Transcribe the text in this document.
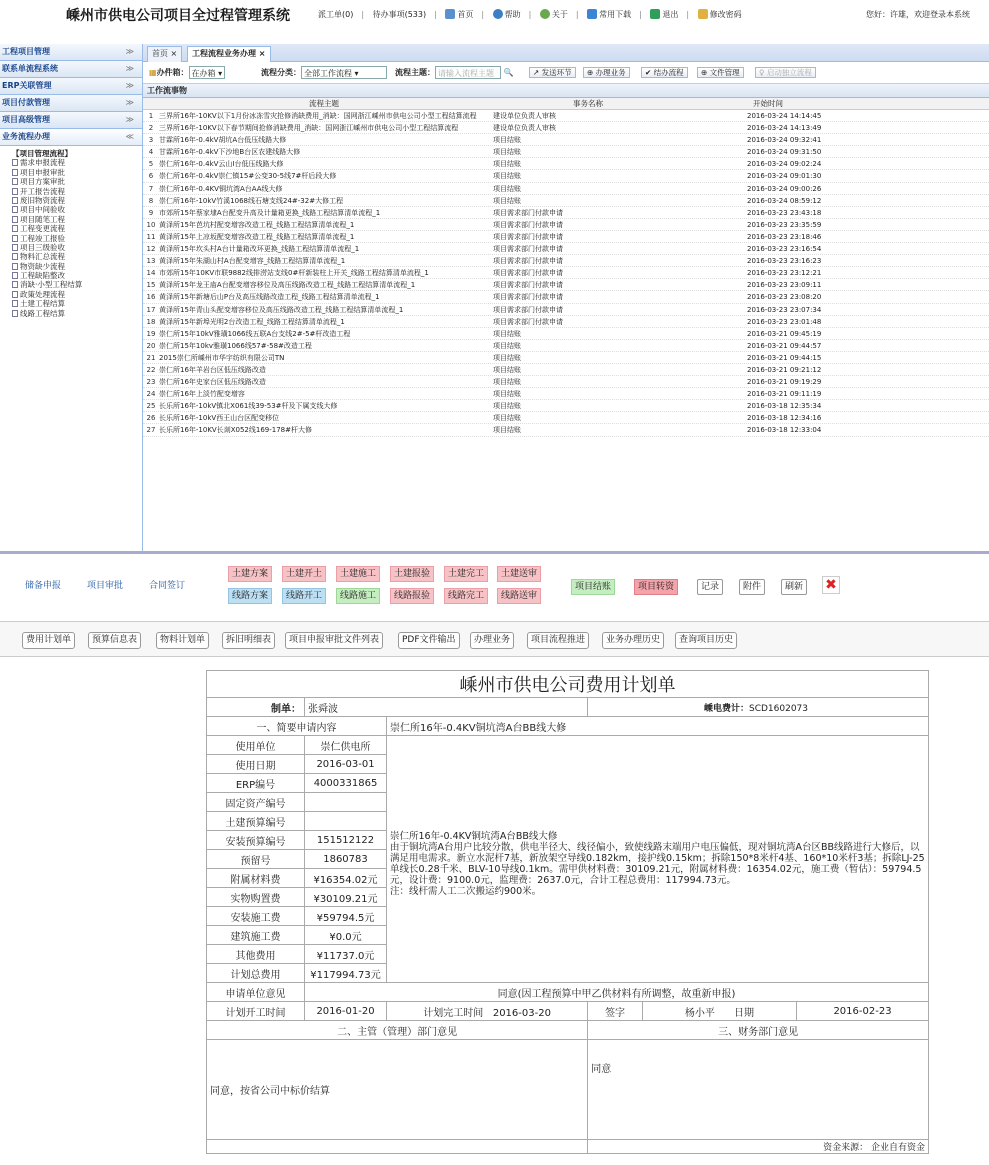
嵊州市供电公司项目全过程管理系统	派工单(0) | 待办事项(533) |	首页 |	帮助 |	关于 |	常用下载 |	退出 |	修改密码	您好：许雄，欢迎登录本系统
工程项目管理	≫
联系单流程系统	≫
ERP关联管理	≫
项目付款管理	≫
项目高级管理	≫
业务流程办理	≪
【项目管理流程】
需求申报流程
项目申报审批
项目方案审批
开工报告流程
废旧物资流程
项目中间验收
项目随笔工程
工程变更流程
工程竣工报验
项目三级验收
物料汇总流程
物资缺少流程
工程缺陷整改
消缺·小型工程结算
政策处理流程
土建工程结算
线路工程结算
首页 ×	工程流程业务办理 ×
▦办件箱： 在办箱 ▾	流程分类： 全部工作流程 ▾	流程主题： 请输入流程主题 🔍	↗ 发送环节	⊕ 办理业务	✔ 结办流程	⊕ 文件管理	♀ 启动独立流程
工作流事物
流程主题	事务名称	开始时间
1 三界所16年-10KV以下1月份冰冻雪灾抢修消缺费用_消缺：国网浙江嵊州市供电公司小型工程结算流程	建设单位负责人审核	2016-03-24 14:14:45
2 三界所16年-10KV以下春节期间抢修消缺费用_消缺：国网浙江嵊州市供电公司小型工程结算流程	建设单位负责人审核	2016-03-24 14:13:49
3 甘霖所16年-0.4kV胡坑A台低压线路大修	项目结账	2016-03-24 09:32:41
4 甘霖所16年-0.4kV下沙地B台区农建线路大修	项目结账	2016-03-24 09:31:50
5 崇仁所16年-0.4kV云山I台低压线路大修	项目结账	2016-03-24 09:02:24
6 崇仁所16年-0.4kV崇仁镇15#公变30-5线7#杆后段大修	项目结账	2016-03-24 09:01:30
7 崇仁所16年-0.4KV铜坑湾A台AA线大修	项目结账	2016-03-24 09:00:26
8 崇仁所16年-10kV竹溪1068线石塘支线24#-32#大修工程	项目结账	2016-03-24 08:59:12
9 市郊所15年蔡家埭A台配变升高及计量箱更换_线路工程结算清单流程_1	项目需求部门付款申请	2016-03-23 23:43:18
10 黄泽所15年芭坑村配变增容改造工程_线路工程结算清单流程_1	项目需求部门付款申请	2016-03-23 23:35:59
11 黄泽所15年上凉坂配变增容改造工程_线路工程结算清单流程_1	项目需求部门付款申请	2016-03-23 23:18:46
12 黄泽所15年坎头村A台计量箱改环更换_线路工程结算清单流程_1	项目需求部门付款申请	2016-03-23 23:16:54
13 黄泽所15年朱湖山村A台配变增容_线路工程结算清单流程_1	项目需求部门付款申请	2016-03-23 23:16:23
14 市郊所15年10KV市联9882线排涝站支线0#杆新装柱上开关_线路工程结算清单流程_1	项目需求部门付款申请	2016-03-23 23:12:21
15 黄泽所15年龙王庙A台配变增容移位及高压线路改造工程_线路工程结算清单流程_1	项目需求部门付款申请	2016-03-23 23:09:11
16 黄泽所15年新塘后山P台及高压线路改造工程_线路工程结算清单流程_1	项目需求部门付款申请	2016-03-23 23:08:20
17 黄泽所15年青山头配变增容移位及高压线路改造工程_线路工程结算清单流程_1	项目需求部门付款申请	2016-03-23 23:07:34
18 黄泽所15年新埠光明2台改造工程_线路工程结算清单流程_1	项目需求部门付款申请	2016-03-23 23:01:48
19 崇仁所15年10kV雅璜1066线五联A台支线2#-5#杆改造工程	项目结账	2016-03-21 09:45:19
20 崇仁所15年10kv雅璜1066线57#-58#改造工程	项目结账	2016-03-21 09:44:57
21 2015崇仁所嵊州市华宇纺织有限公司TN	项目结账	2016-03-21 09:44:15
22 崇仁所16年羊岩台区低压线路改造	项目结账	2016-03-21 09:21:12
23 崇仁所16年史家台区低压线路改造	项目结账	2016-03-21 09:19:29
24 崇仁所16年上淡竹配变增容	项目结账	2016-03-21 09:11:19
25 长乐所16年-10kV镇北X061线39-53#杆及下属支线大修	项目结账	2016-03-18 12:35:34
26 长乐所16年-10kV西王山台区配变移位	项目结账	2016-03-18 12:34:16
27 长乐所16年-10KV长剡X052线169-178#杆大修	项目结账	2016-03-18 12:33:04
储备申报	项目审批	合同签订
土建方案	土建开土	土建施工	土建报验	土建完工	土建送审
线路方案	线路开工	线路施工	线路报验	线路完工	线路送审
项目结账	项目转资	记录	附件	刷新 ✖
费用计划单	预算信息表	物料计划单	拆旧明细表	项目申报审批文件列表	PDF文件输出	办理业务	项目流程推进	业务办理历史	查询项目历史
嵊州市供电公司费用计划单					
制单：	张舜波		嵊电费计：SCD1602073		
一、简要申请内容		崇仁所16年-0.4KV铜坑湾A台BB线大修			
使用单位	崇仁供电所	崇仁所16年-0.4KV铜坑湾A台BB线大修
由于铜坑湾A台用户比较分散，供电半径大、线径偏小，致使线路末端用户电压偏低，现对铜坑湾A台区BB线路进行大修后，以满足用电需求。新立水泥杆7基，新放架空导线0.182km，接护线0.15km；拆除150*8米杆4基、160*10米杆3基；拆除LJ-25单线长0.28千米、BLV-10导线0.1km。需甲供材料费：30109.21元，附属材料费：16354.02元，施工费（暂估）：59794.5元，设计费：9100.0元，监理费：2637.0元，合计工程总费用：117994.73元。
注：线杆需人工二次搬运约900米。			

使用日期	2016-03-01				
ERP编号	4000331865				
固定资产编号					
土建预算编号					
安装预算编号	151512122				
预留号	1860783				
附属材料费	¥16354.02元				
实物购置费	¥30109.21元				
安装施工费	¥59794.5元				
建筑施工费	¥0.0元				
其他费用	¥11737.0元				
计划总费用	¥117994.73元				
申请单位意见	同意(因工程预算中甲乙供材料有所调整，故重新申报)				
计划开工时间	2016-01-20	计划完工时间 2016-03-20	签字	杨小平 日期	2016-02-23
二、主管（管理）部门意见			三、财务部门意见		
同意，按省公司中标价结算			同意		
			资金来源： 企业自有资金		
